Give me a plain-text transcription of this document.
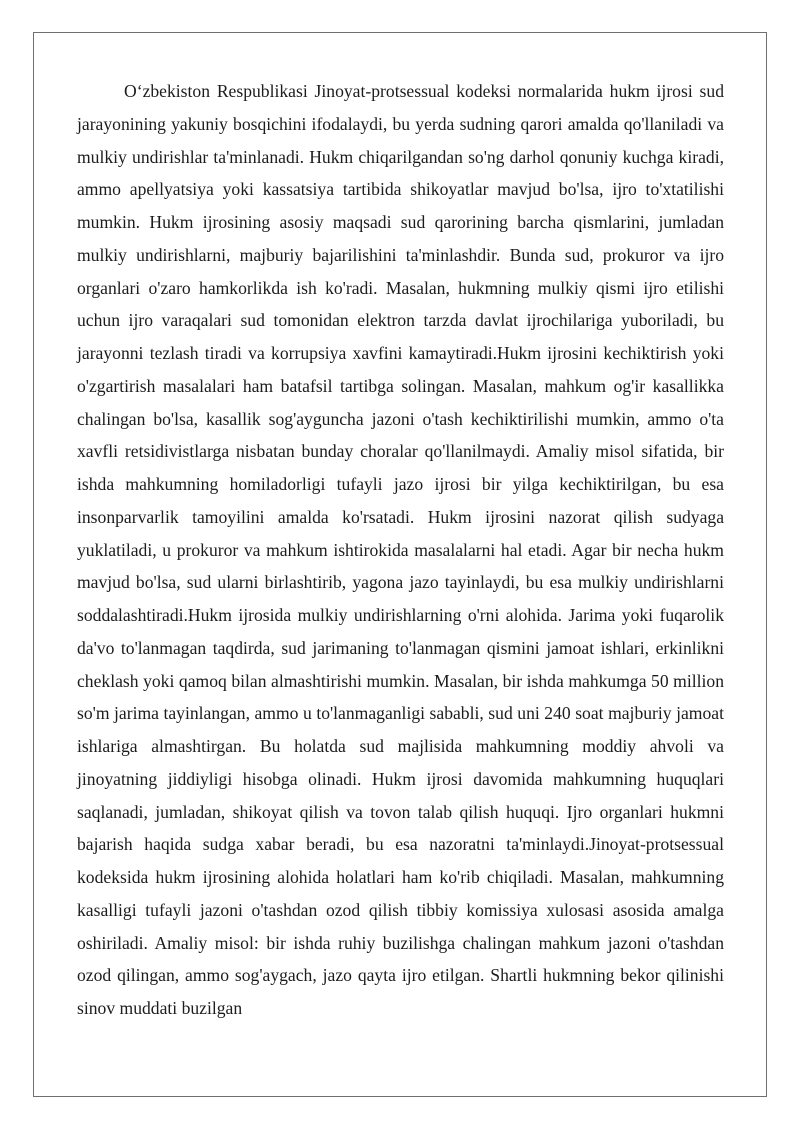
O‘zbekiston Respublikasi Jinoyat-protsessual kodeksi normalarida hukm ijrosi sud jarayonining yakuniy bosqichini ifodalaydi, bu yerda sudning qarori amalda qo'llaniladi va mulkiy undirishlar ta'minlanadi. Hukm chiqarilgandan so'ng darhol qonuniy kuchga kiradi, ammo apellyatsiya yoki kassatsiya tartibida shikoyatlar mavjud bo'lsa, ijro to'xtatilishi mumkin. Hukm ijrosining asosiy maqsadi sud qarorining barcha qismlarini, jumladan mulkiy undirishlarni, majburiy bajarilishini ta'minlashdir. Bunda sud, prokuror va ijro organlari o'zaro hamkorlikda ish ko'radi. Masalan, hukmning mulkiy qismi ijro etilishi uchun ijro varaqalari sud tomonidan elektron tarzda davlat ijrochilariga yuboriladi, bu jarayonni tezlash tiradi va korrupsiya xavfini kamaytiradi.Hukm ijrosini kechiktirish yoki o'zgartirish masalalari ham batafsil tartibga solingan. Masalan, mahkum og'ir kasallikka chalingan bo'lsa, kasallik sog'ayguncha jazoni o'tash kechiktirilishi mumkin, ammo o'ta xavfli retsidivistlarga nisbatan bunday choralar qo'llanilmaydi. Amaliy misol sifatida, bir ishda mahkumning homiladorligi tufayli jazo ijrosi bir yilga kechiktirilgan, bu esa insonparvarlik tamoyilini amalda ko'rsatadi. Hukm ijrosini nazorat qilish sudyaga yuklatiladi, u prokuror va mahkum ishtirokida masalalarni hal etadi. Agar bir necha hukm mavjud bo'lsa, sud ularni birlashtirib, yagona jazo tayinlaydi, bu esa mulkiy undirishlarni soddalashtiradi.Hukm ijrosida mulkiy undirishlarning o'rni alohida. Jarima yoki fuqarolik da'vo to'lanmagan taqdirda, sud jarimaning to'lanmagan qismini jamoat ishlari, erkinlikni cheklash yoki qamoq bilan almashtirishi mumkin. Masalan, bir ishda mahkumga 50 million so'm jarima tayinlangan, ammo u to'lanmaganligi sababli, sud uni 240 soat majburiy jamoat ishlariga almashtirgan. Bu holatda sud majlisida mahkumning moddiy ahvoli va jinoyatning jiddiyligi hisobga olinadi. Hukm ijrosi davomida mahkumning huquqlari saqlanadi, jumladan, shikoyat qilish va tovon talab qilish huquqi. Ijro organlari hukmni bajarish haqida sudga xabar beradi, bu esa nazoratni ta'minlaydi.Jinoyat-protsessual kodeksida hukm ijrosining alohida holatlari ham ko'rib chiqiladi. Masalan, mahkumning kasalligi tufayli jazoni o'tashdan ozod qilish tibbiy komissiya xulosasi asosida amalga oshiriladi. Amaliy misol: bir ishda ruhiy buzilishga chalingan mahkum jazoni o'tashdan ozod qilingan, ammo sog'aygach, jazo qayta ijro etilgan. Shartli hukmning bekor qilinishi sinov muddati buzilgan
